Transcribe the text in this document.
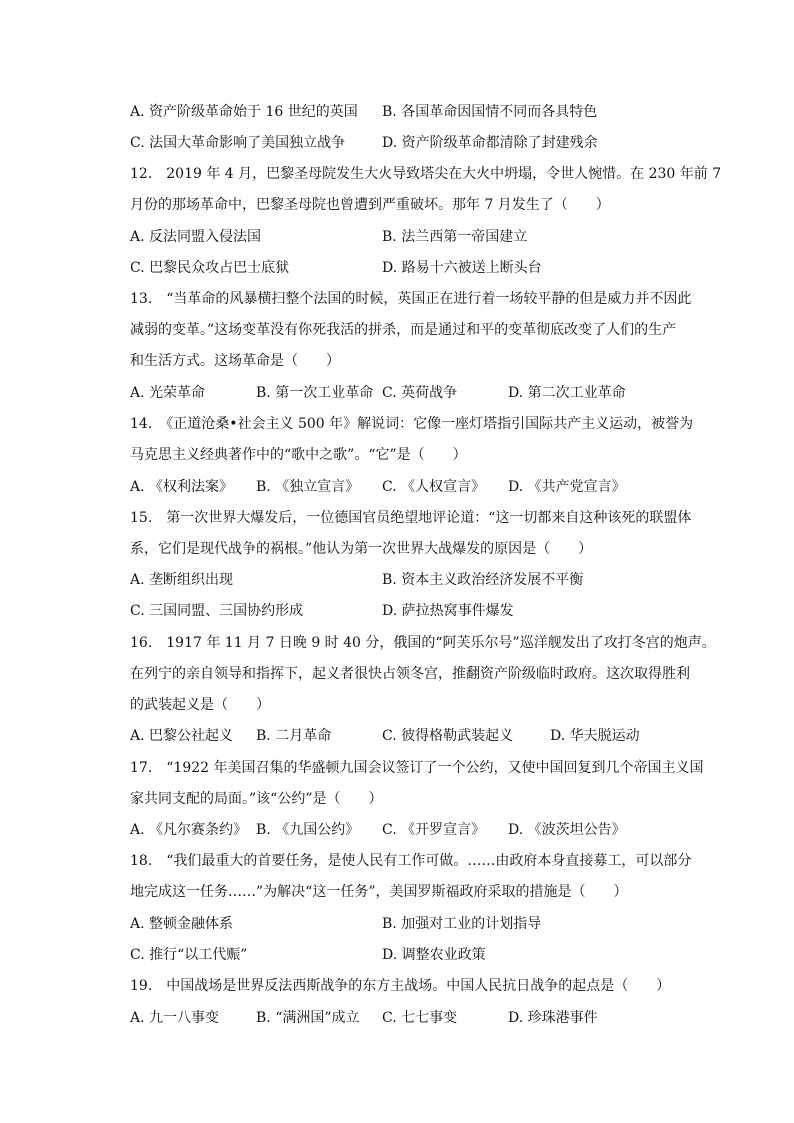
A. 资产阶级革命始于 16 世纪的英国 B. 各国革命因国情不同而各具特色
C. 法国大革命影响了美国独立战争	D. 资产阶级革命都清除了封建残余
12.　2019 年 4 月，巴黎圣母院发生大火导致塔尖在大火中坍塌，令世人惋惜。在 230 年前 7
月份的那场革命中，巴黎圣母院也曾遭到严重破坏。那年 7 月发生了（　　）
A. 反法同盟入侵法国	B. 法兰西第一帝国建立
C. 巴黎民众攻占巴士底狱	D. 路易十六被送上断头台
13.　“当革命的风暴横扫整个法国的时候，英国正在进行着一场较平静的但是威力并不因此
减弱的变革。”这场变革没有你死我活的拼杀，而是通过和平的变革彻底改变了人们的生产
和生活方式。这场革命是（　　）
A. 光荣革命	B. 第一次工业革命 C. 英荷战争	D. 第二次工业革命
14.　《正道沧桑•社会主义 500 年》解说词：它像一座灯塔指引国际共产主义运动，被誉为
马克思主义经典著作中的“歌中之歌”。“它”是（　　）
A. 《权利法案》 B. 《独立宣言》 C. 《人权宣言》 D. 《共产党宣言》
15.　第一次世界大爆发后，一位德国官员绝望地评论道：“这一切都来自这种该死的联盟体
系，它们是现代战争的祸根。”他认为第一次世界大战爆发的原因是（　　）
A. 垄断组织出现	B. 资本主义政治经济发展不平衡
C. 三国同盟、三国协约形成	D. 萨拉热窝事件爆发
16.　1917 年 11 月 7 日晚 9 时 40 分，俄国的“阿芙乐尔号”巡洋舰发出了攻打冬宫的炮声。
在列宁的亲自领导和指挥下，起义者很快占领冬宫，推翻资产阶级临时政府。这次取得胜利
的武装起义是（　　）
A. 巴黎公社起义 B. 二月革命	C. 彼得格勒武装起义	D. 华夫脱运动
17.　“1922 年美国召集的华盛顿九国会议签订了一个公约，又使中国回复到几个帝国主义国
家共同支配的局面。”该“公约”是（　　）
A. 《凡尔赛条约》 B. 《九国公约》 C. 《开罗宣言》 D. 《波茨坦公告》
18.　“我们最重大的首要任务，是使人民有工作可做。……由政府本身直接募工，可以部分
地完成这一任务……”为解决“这一任务”，美国罗斯福政府采取的措施是（　　）
A. 整顿金融体系	B. 加强对工业的计划指导
C. 推行“以工代赈”	D. 调整农业政策
19.　中国战场是世界反法西斯战争的东方主战场。中国人民抗日战争的起点是（　　）
A. 九一八事变	B. “满洲国”成立 C. 七七事变	D. 珍珠港事件
